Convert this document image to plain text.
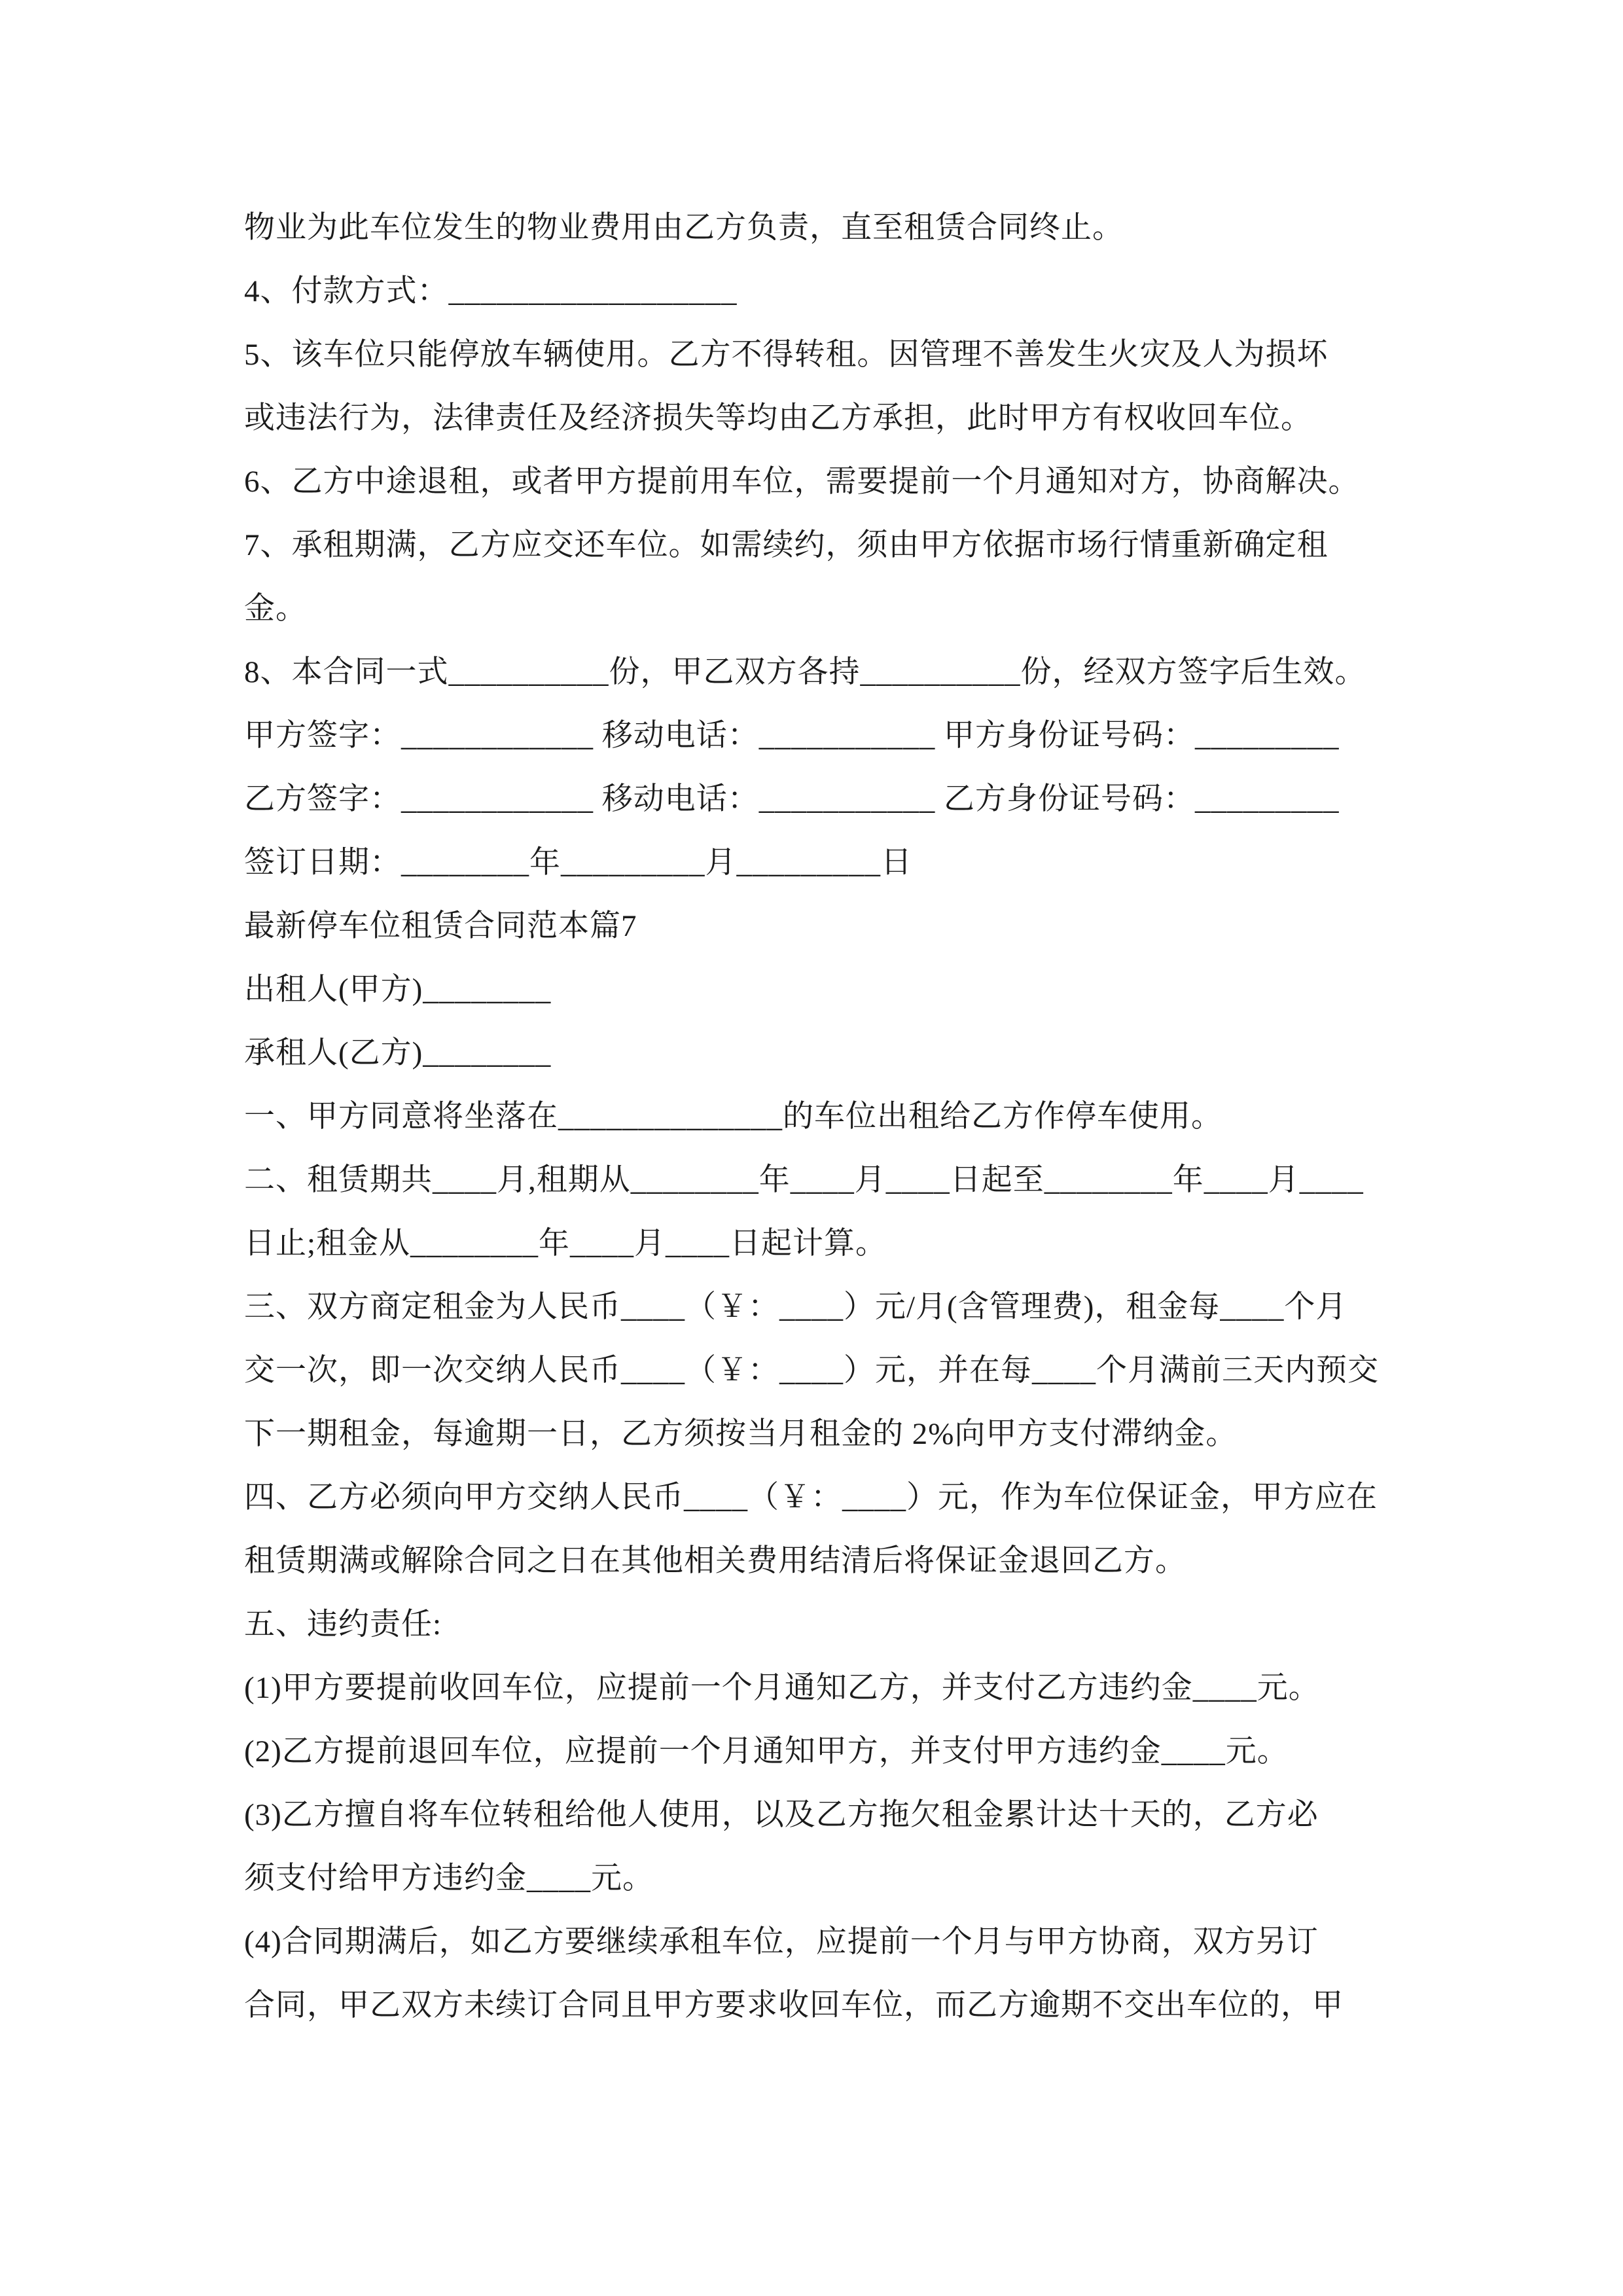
物业为此车位发生的物业费用由乙方负责，直至租赁合同终止。

4、付款方式：__________________

5、该车位只能停放车辆使用。乙方不得转租。因管理不善发生火灾及人为损坏

或违法行为，法律责任及经济损失等均由乙方承担，此时甲方有权收回车位。

6、乙方中途退租，或者甲方提前用车位，需要提前一个月通知对方，协商解决。

7、承租期满，乙方应交还车位。如需续约，须由甲方依据市场行情重新确定租

金。

8、本合同一式__________份，甲乙双方各持__________份，经双方签字后生效。

甲方签字：____________ 移动电话：___________ 甲方身份证号码：_________

乙方签字：____________ 移动电话：___________ 乙方身份证号码：_________

签订日期：________年_________月_________日

最新停车位租赁合同范本篇7

出租人(甲方)________

承租人(乙方)________

一、甲方同意将坐落在______________的车位出租给乙方作停车使用。

二、租赁期共____月,租期从________年____月____日起至________年____月____

日止;租金从________年____月____日起计算。

三、双方商定租金为人民币____（￥：____）元/月(含管理费)，租金每____个月

交一次，即一次交纳人民币____（￥：____）元，并在每____个月满前三天内预交

下一期租金，每逾期一日，乙方须按当月租金的 2%向甲方支付滞纳金。

四、乙方必须向甲方交纳人民币____（￥：____）元，作为车位保证金，甲方应在

租赁期满或解除合同之日在其他相关费用结清后将保证金退回乙方。

五、违约责任:

(1)甲方要提前收回车位，应提前一个月通知乙方，并支付乙方违约金____元。

(2)乙方提前退回车位，应提前一个月通知甲方，并支付甲方违约金____元。

(3)乙方擅自将车位转租给他人使用，以及乙方拖欠租金累计达十天的，乙方必

须支付给甲方违约金____元。

(4)合同期满后，如乙方要继续承租车位，应提前一个月与甲方协商，双方另订

合同，甲乙双方未续订合同且甲方要求收回车位，而乙方逾期不交出车位的，甲
